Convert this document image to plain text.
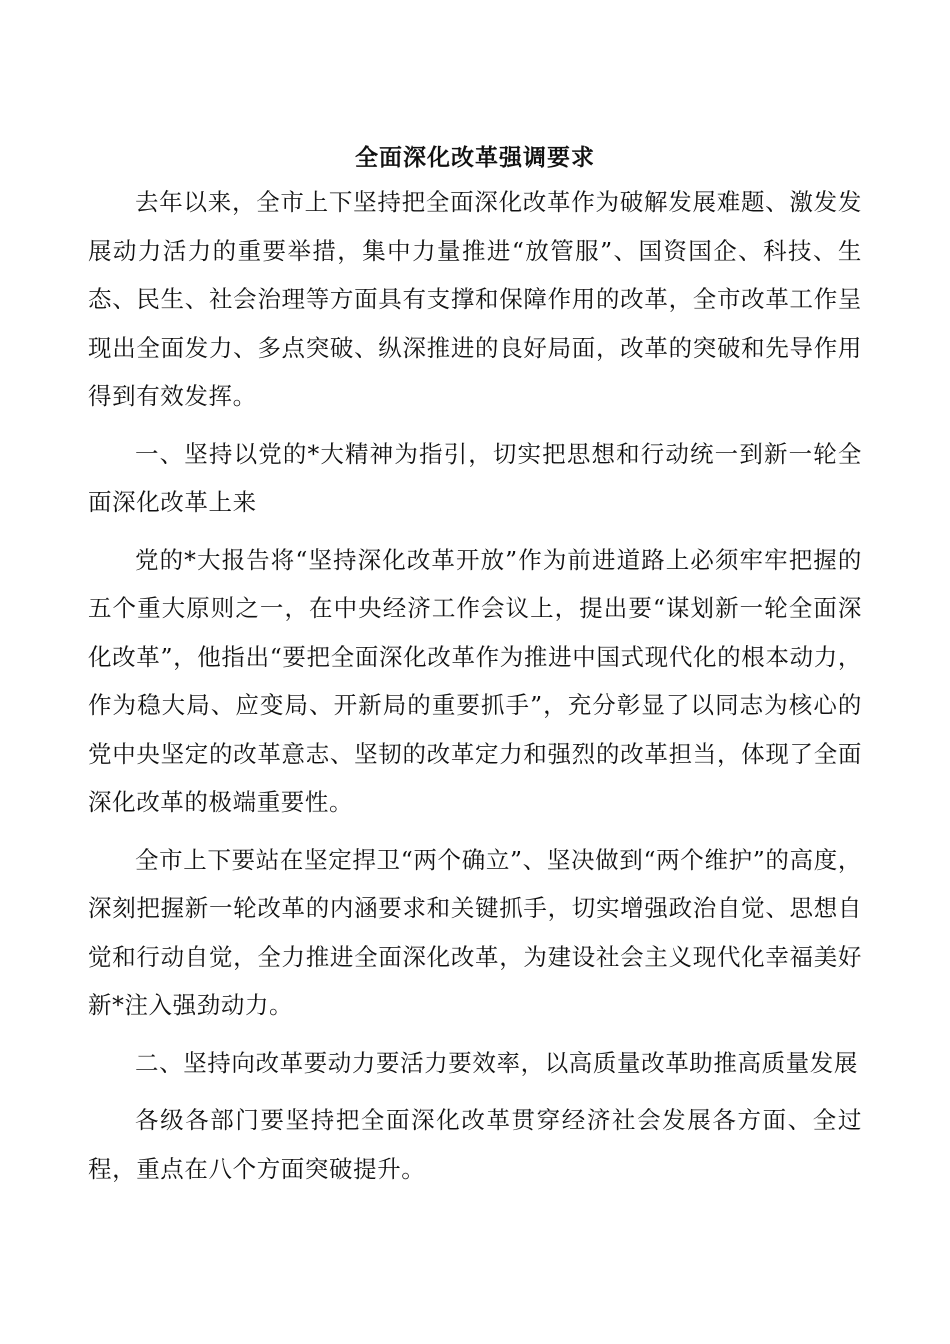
全面深化改革强调要求

去年以来，全市上下坚持把全面深化改革作为破解发展难题、激发发展动力活力的重要举措，集中力量推进“放管服”、国资国企、科技、生态、民生、社会治理等方面具有支撑和保障作用的改革，全市改革工作呈现出全面发力、多点突破、纵深推进的良好局面，改革的突破和先导作用得到有效发挥。

一、坚持以党的*大精神为指引，切实把思想和行动统一到新一轮全面深化改革上来

党的*大报告将“坚持深化改革开放”作为前进道路上必须牢牢把握的五个重大原则之一，在中央经济工作会议上，提出要“谋划新一轮全面深化改革”，他指出“要把全面深化改革作为推进中国式现代化的根本动力，作为稳大局、应变局、开新局的重要抓手”，充分彰显了以同志为核心的党中央坚定的改革意志、坚韧的改革定力和强烈的改革担当，体现了全面深化改革的极端重要性。

全市上下要站在坚定捍卫“两个确立”、坚决做到“两个维护”的高度，深刻把握新一轮改革的内涵要求和关键抓手，切实增强政治自觉、思想自觉和行动自觉，全力推进全面深化改革，为建设社会主义现代化幸福美好新*注入强劲动力。

二、坚持向改革要动力要活力要效率，以高质量改革助推高质量发展

各级各部门要坚持把全面深化改革贯穿经济社会发展各方面、全过程，重点在八个方面突破提升。
